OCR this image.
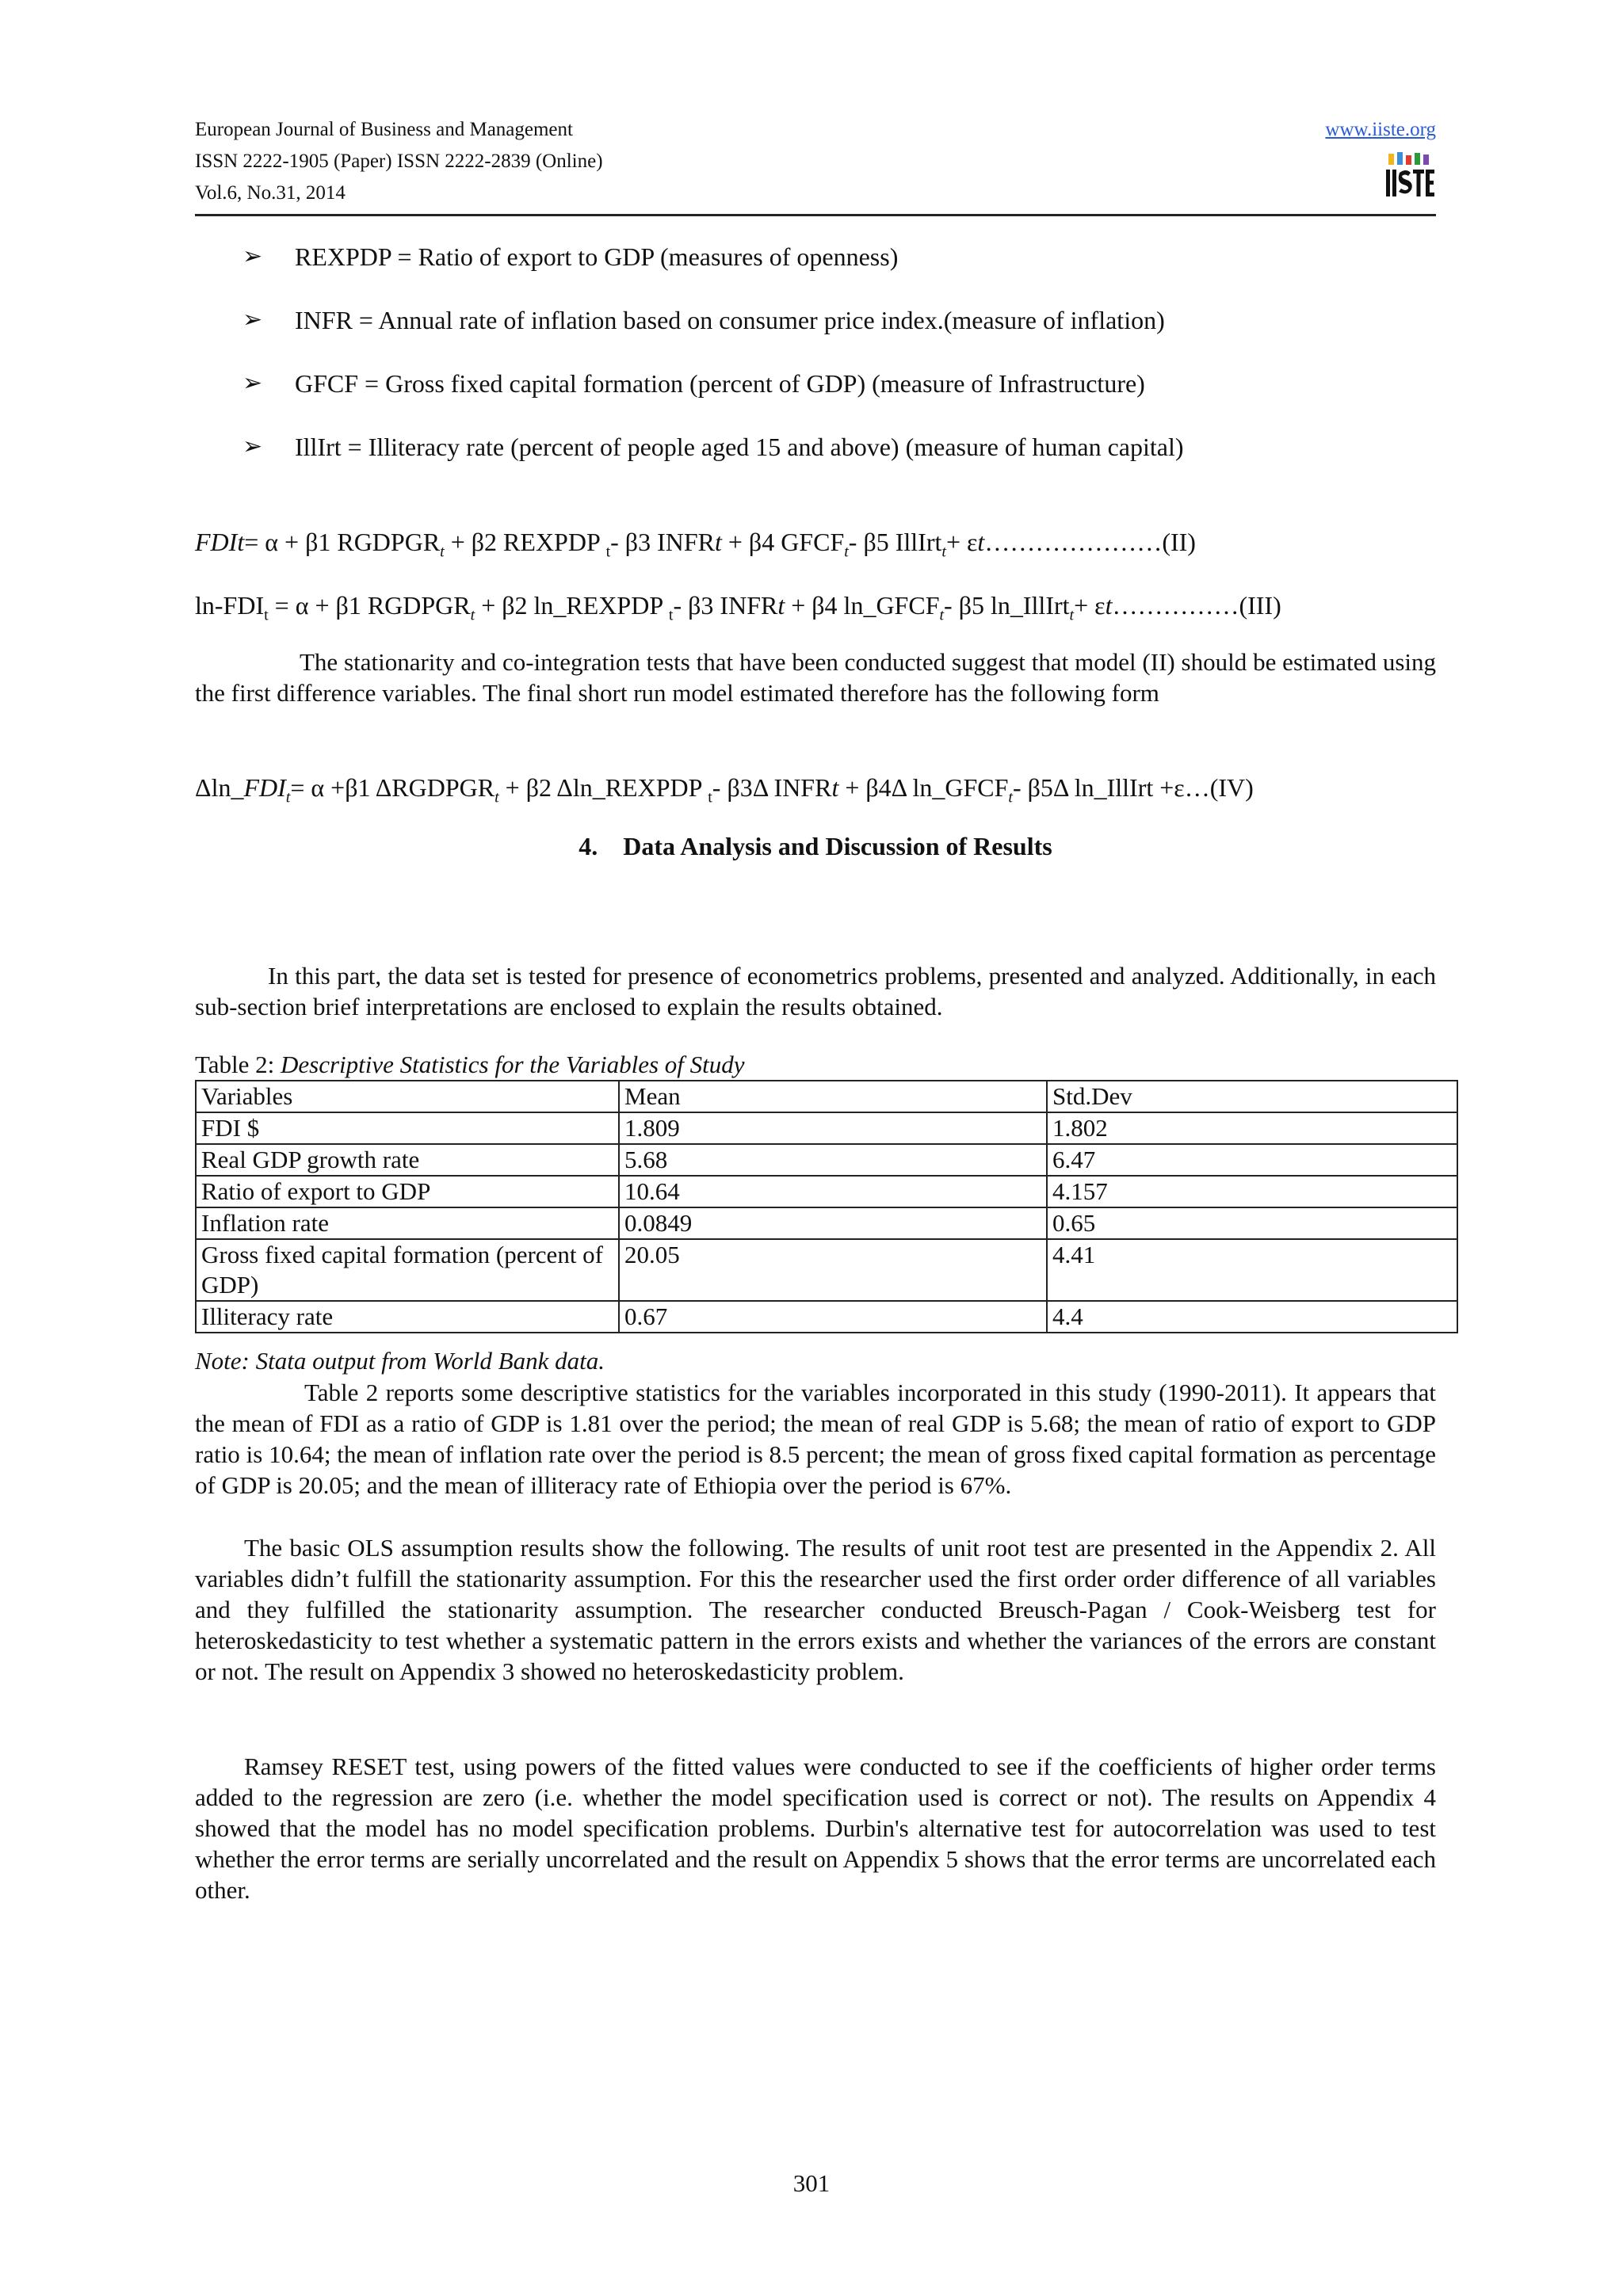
European Journal of Business and Management
ISSN 2222-1905 (Paper) ISSN 2222-2839 (Online)
Vol.6, No.31, 2014
www.iiste.org
➢ REXPDP = Ratio of export to GDP (measures of openness)
➢ INFR = Annual rate of inflation based on consumer price index.(measure of inflation)
➢ GFCF = Gross fixed capital formation (percent of GDP) (measure of Infrastructure)
➢ IllIrt = Illiteracy rate (percent of people aged 15 and above) (measure of human capital)
FDIt= α + β1 $RGDPGR_t + \beta 2$ REXPDP $_t$- β3 INFRt + β4 $GFCF_t-$ β5 IllIrt$_t$+ εt…………………(II)
$\ln-FDI_t = \alpha + \beta 1$ $RGDPGR_t + \beta 2$ ln_REXPDP $_t$- β3 INFRt + β4 $\ln\_GFCF_t-$ β5 ln_IllIrt$_t$+ εt……………(III)
The stationarity and co-integration tests that have been conducted suggest that model (II) should be estimated using the first difference variables. The final short run model estimated therefore has the following form
$\Delta\ln\_FDI_t= \alpha +\beta 1$ $\Delta RGDPGR_t + \beta 2$ Δln_REXPDP $_t$- β3Δ INFRt + β4Δ $\ln\_GFCF_t-$ β5Δ ln_IllIrt +ε…(IV)
4. Data Analysis and Discussion of Results
In this part, the data set is tested for presence of econometrics problems, presented and analyzed. Additionally, in each sub-section brief interpretations are enclosed to explain the results obtained.
Table 2: Descriptive Statistics for the Variables of Study
Variables	Mean	Std.Dev
FDI $	1.809	1.802
Real GDP growth rate	5.68	6.47
Ratio of export to GDP	10.64	4.157
Inflation rate	0.0849	0.65
Gross fixed capital formation (percent of GDP)	20.05	4.41
Illiteracy rate	0.67	4.4
Note: Stata output from World Bank data.
Table 2 reports some descriptive statistics for the variables incorporated in this study (1990-2011). It appears that the mean of FDI as a ratio of GDP is 1.81 over the period; the mean of real GDP is 5.68; the mean of ratio of export to GDP ratio is 10.64; the mean of inflation rate over the period is 8.5 percent; the mean of gross fixed capital formation as percentage of GDP is 20.05; and the mean of illiteracy rate of Ethiopia over the period is 67%.
The basic OLS assumption results show the following. The results of unit root test are presented in the Appendix 2. All variables didn’t fulfill the stationarity assumption. For this the researcher used the first order order difference of all variables and they fulfilled the stationarity assumption. The researcher conducted Breusch-Pagan / Cook-Weisberg test for heteroskedasticity to test whether a systematic pattern in the errors exists and whether the variances of the errors are constant or not. The result on Appendix 3 showed no heteroskedasticity problem.
Ramsey RESET test, using powers of the fitted values were conducted to see if the coefficients of higher order terms added to the regression are zero (i.e. whether the model specification used is correct or not). The results on Appendix 4 showed that the model has no model specification problems. Durbin's alternative test for autocorrelation was used to test whether the error terms are serially uncorrelated and the result on Appendix 5 shows that the error terms are uncorrelated each other.
301
